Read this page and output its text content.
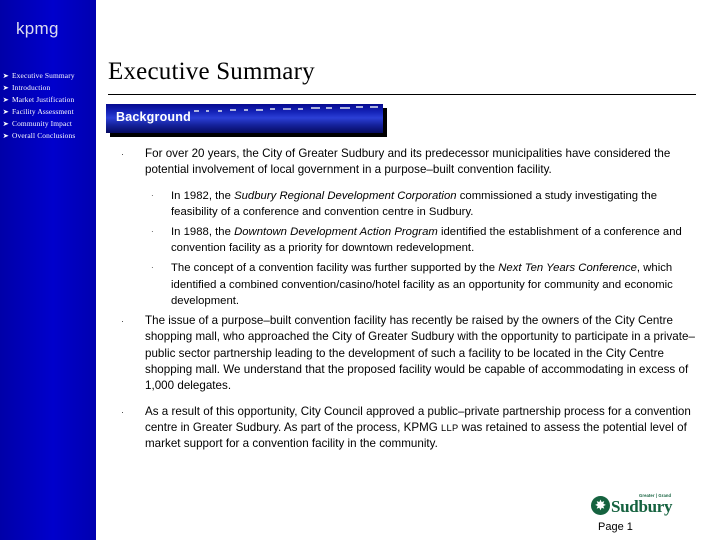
kpmg
➤ Executive Summary
➤ Introduction
➤ Market Justification
➤ Facility Assessment
➤ Community Impact
➤ Overall Conclusions
Executive Summary
Background
·	For over 20 years, the City of Greater Sudbury and its predecessor municipalities have considered the potential involvement of local government in a purpose–built convention facility.
·	In 1982, the Sudbury Regional Development Corporation commissioned a study investigating the feasibility of a conference and convention centre in Sudbury.
·	In 1988, the Downtown Development Action Program identified the establishment of a conference and convention facility as a priority for downtown redevelopment.
·	The concept of a convention facility was further supported by the Next Ten Years Conference, which identified a combined convention/casino/hotel facility as an opportunity for community and economic development.
·	The issue of a purpose–built convention facility has recently be raised by the owners of the City Centre shopping mall, who approached the City of Greater Sudbury with the opportunity to participate in a private–public sector partnership leading to the development of such a facility to be located in the City Centre shopping mall. We understand that the proposed facility would be capable of accommodating in excess of 1,000 delegates.
·	As a result of this opportunity, City Council approved a public–private partnership process for a convention centre in Greater Sudbury. As part of the process, KPMG LLP was retained to assess the potential level of market support for a convention facility in the community.
✸
Greater | Grand
Sudbury
Page 1
